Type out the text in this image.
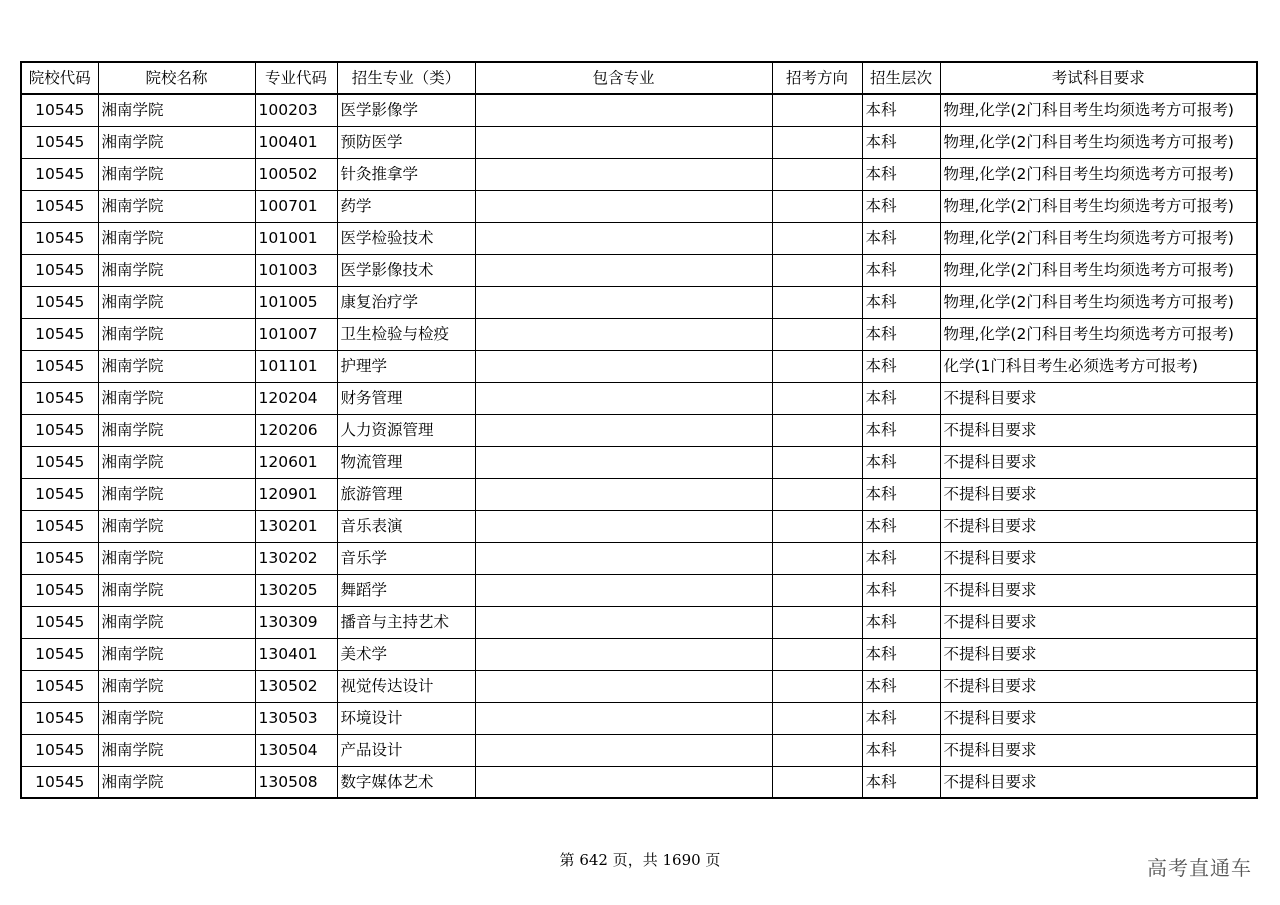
院校代码	院校名称	专业代码	招生专业（类）	包含专业	招考方向	招生层次	考试科目要求
10545	湘南学院	100203	医学影像学			本科	物理,化学(2门科目考生均须选考方可报考)
10545	湘南学院	100401	预防医学			本科	物理,化学(2门科目考生均须选考方可报考)
10545	湘南学院	100502	针灸推拿学			本科	物理,化学(2门科目考生均须选考方可报考)
10545	湘南学院	100701	药学			本科	物理,化学(2门科目考生均须选考方可报考)
10545	湘南学院	101001	医学检验技术			本科	物理,化学(2门科目考生均须选考方可报考)
10545	湘南学院	101003	医学影像技术			本科	物理,化学(2门科目考生均须选考方可报考)
10545	湘南学院	101005	康复治疗学			本科	物理,化学(2门科目考生均须选考方可报考)
10545	湘南学院	101007	卫生检验与检疫			本科	物理,化学(2门科目考生均须选考方可报考)
10545	湘南学院	101101	护理学			本科	化学(1门科目考生必须选考方可报考)
10545	湘南学院	120204	财务管理			本科	不提科目要求
10545	湘南学院	120206	人力资源管理			本科	不提科目要求
10545	湘南学院	120601	物流管理			本科	不提科目要求
10545	湘南学院	120901	旅游管理			本科	不提科目要求
10545	湘南学院	130201	音乐表演			本科	不提科目要求
10545	湘南学院	130202	音乐学			本科	不提科目要求
10545	湘南学院	130205	舞蹈学			本科	不提科目要求
10545	湘南学院	130309	播音与主持艺术			本科	不提科目要求
10545	湘南学院	130401	美术学			本科	不提科目要求
10545	湘南学院	130502	视觉传达设计			本科	不提科目要求
10545	湘南学院	130503	环境设计			本科	不提科目要求
10545	湘南学院	130504	产品设计			本科	不提科目要求
10545	湘南学院	130508	数字媒体艺术			本科	不提科目要求
第 642 页，共 1690 页	高考直通车
